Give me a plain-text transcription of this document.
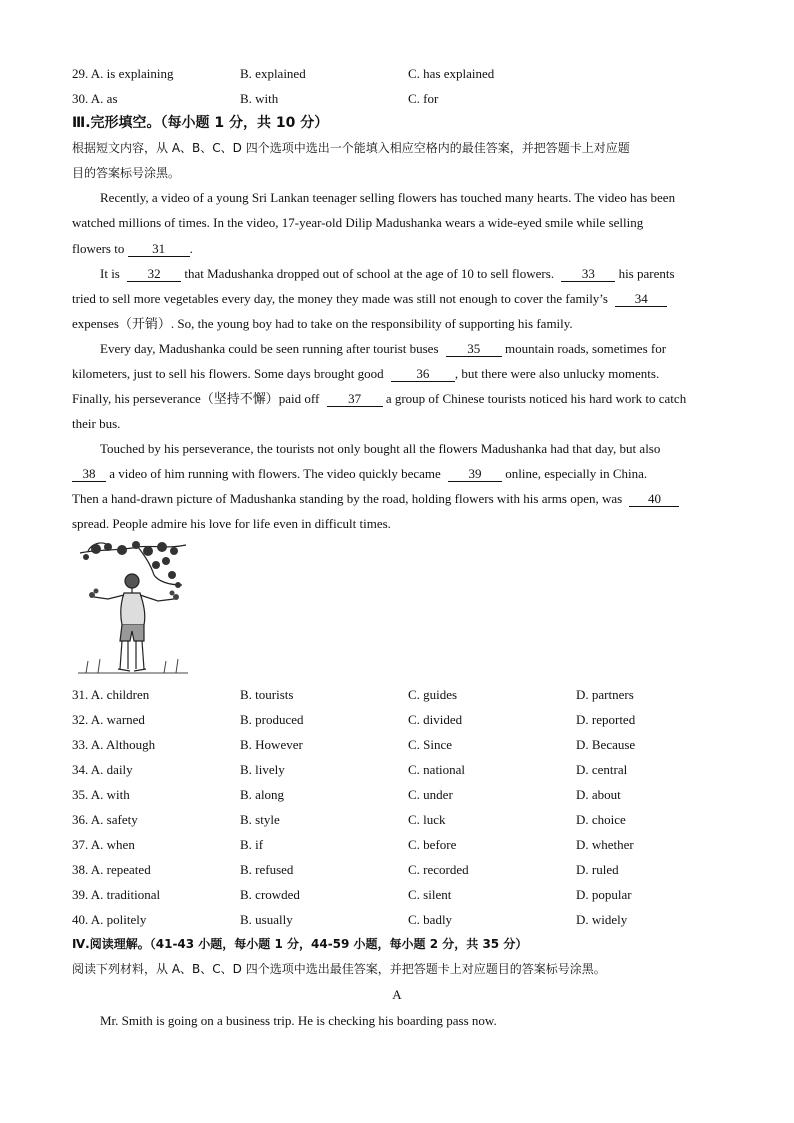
29. A. is explaining	B. explained	C. has explained
30. A. as	B. with	C. for
Ⅲ.完形填空。（每小题 1 分，共 10 分）
根据短文内容，从 A、B、C、D 四个选项中选出一个能填入相应空格内的最佳答案，并把答题卡上对应题
目的答案标号涂黑。
Recently, a video of a young Sri Lankan teenager selling flowers has touched many hearts. The video has been
watched millions of times. In the video, 17-year-old Dilip Madushanka wears a wide-eyed smile while selling
flowers to 31 .
It is 32 that Madushanka dropped out of school at the age of 10 to sell flowers. 33 his parents
tried to sell more vegetables every day, the money they made was still not enough to cover the family’s 34
expenses（开销）. So, the young boy had to take on the responsibility of supporting his family.
Every day, Madushanka could be seen running after tourist buses 35 mountain roads, sometimes for
kilometers, just to sell his flowers. Some days brought good	36 , but there were also unlucky moments.
Finally, his perseverance（坚持不懈）paid off 37 a group of Chinese tourists noticed his hard work to catch
their bus.
Touched by his perseverance, the tourists not only bought all the flowers Madushanka had that day, but also
38 a video of him running with flowers. The video quickly became 39 online, especially in China.
Then a hand-drawn picture of Madushanka standing by the road, holding flowers with his arms open, was 40
spread. People admire his love for life even in difficult times.
31. A. children	B. tourists	C. guides	D. partners
32. A. warned	B. produced	C. divided	D. reported
33. A. Although	B. However	C. Since	D. Because
34. A. daily	B. lively	C. national	D. central
35. A. with	B. along	C. under	D. about
36. A. safety	B. style	C. luck	D. choice
37. A. when	B. if	C. before	D. whether
38. A. repeated	B. refused	C. recorded	D. ruled
39. A. traditional	B. crowded	C. silent	D. popular
40. A. politely	B. usually	C. badly	D. widely
Ⅳ.阅读理解。（41-43 小题，每小题 1 分，44-59 小题，每小题 2 分，共 35 分）
阅读下列材料，从 A、B、C、D 四个选项中选出最佳答案，并把答题卡上对应题目的答案标号涂黑。
A
Mr. Smith is going on a business trip. He is checking his boarding pass now.
